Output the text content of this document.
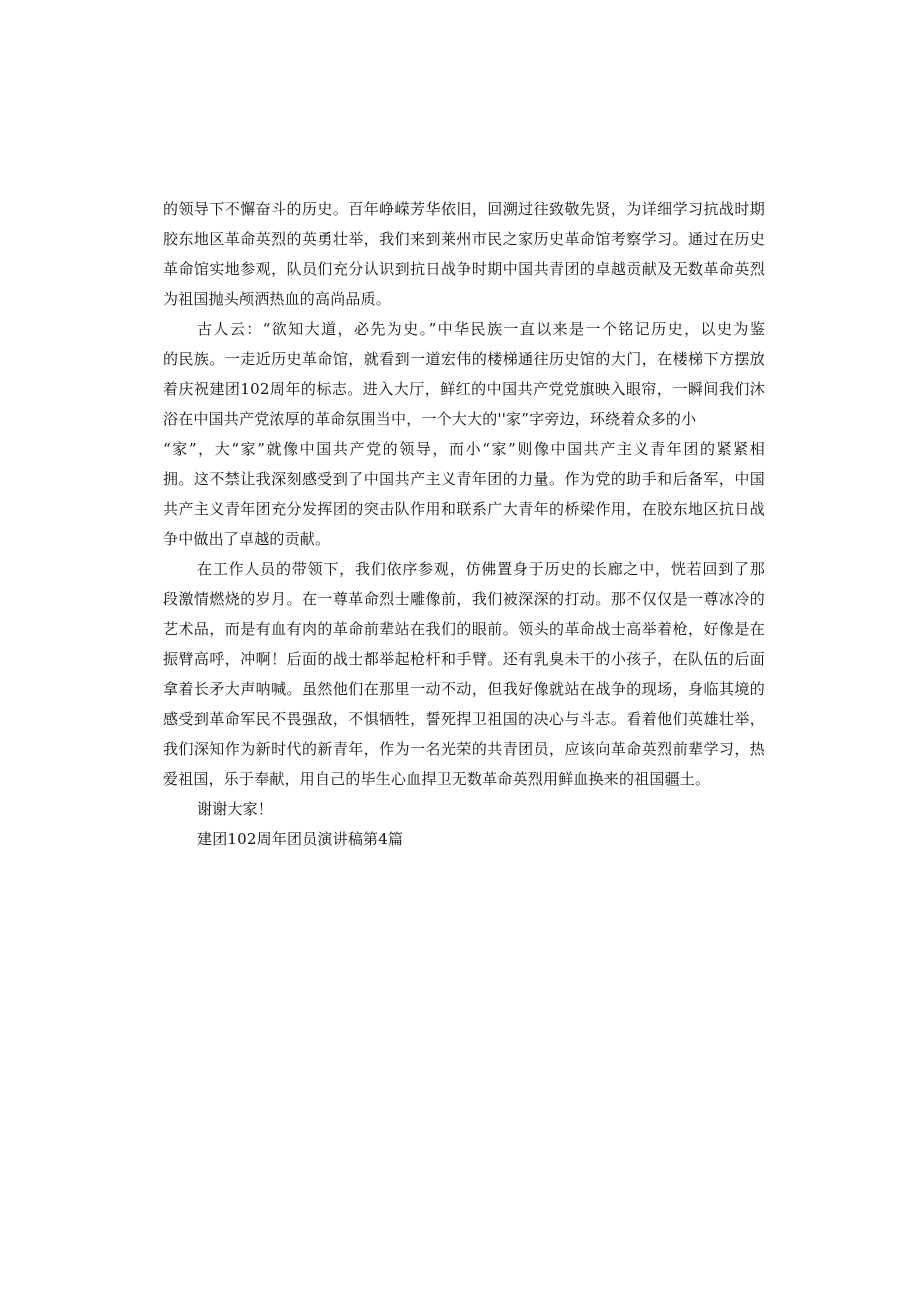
的领导下不懈奋斗的历史。百年峥嵘芳华依旧，回溯过往致敬先贤，为详细学习抗战时期
胶东地区革命英烈的英勇壮举，我们来到莱州市民之家历史革命馆考察学习。通过在历史
革命馆实地参观，队员们充分认识到抗日战争时期中国共青团的卓越贡献及无数革命英烈
为祖国抛头颅洒热血的高尚品质。
古人云：“欲知大道，必先为史。”中华民族一直以来是一个铭记历史，以史为鉴
的民族。一走近历史革命馆，就看到一道宏伟的楼梯通往历史馆的大门，在楼梯下方摆放
着庆祝建团102周年的标志。进入大厅，鲜红的中国共产党党旗映入眼帘，一瞬间我们沐
浴在中国共产党浓厚的革命氛围当中，一个大大的''家”字旁边，环绕着众多的小
“家”，大“家”就像中国共产党的领导，而小“家”则像中国共产主义青年团的紧紧相
拥。这不禁让我深刻感受到了中国共产主义青年团的力量。作为党的助手和后备军，中国
共产主义青年团充分发挥团的突击队作用和联系广大青年的桥梁作用，在胶东地区抗日战
争中做出了卓越的贡献。
在工作人员的带领下，我们依序参观，仿佛置身于历史的长廊之中，恍若回到了那
段激情燃烧的岁月。在一尊革命烈士雕像前，我们被深深的打动。那不仅仅是一尊冰冷的
艺术品，而是有血有肉的革命前辈站在我们的眼前。领头的革命战士高举着枪，好像是在
振臂高呼，冲啊！后面的战士都举起枪杆和手臂。还有乳臭未干的小孩子，在队伍的后面
拿着长矛大声呐喊。虽然他们在那里一动不动，但我好像就站在战争的现场，身临其境的
感受到革命军民不畏强敌，不惧牺牲，誓死捍卫祖国的决心与斗志。看着他们英雄壮举，
我们深知作为新时代的新青年，作为一名光荣的共青团员，应该向革命英烈前辈学习，热
爱祖国，乐于奉献，用自己的毕生心血捍卫无数革命英烈用鲜血换来的祖国疆土。
谢谢大家！
建团102周年团员演讲稿第4篇
